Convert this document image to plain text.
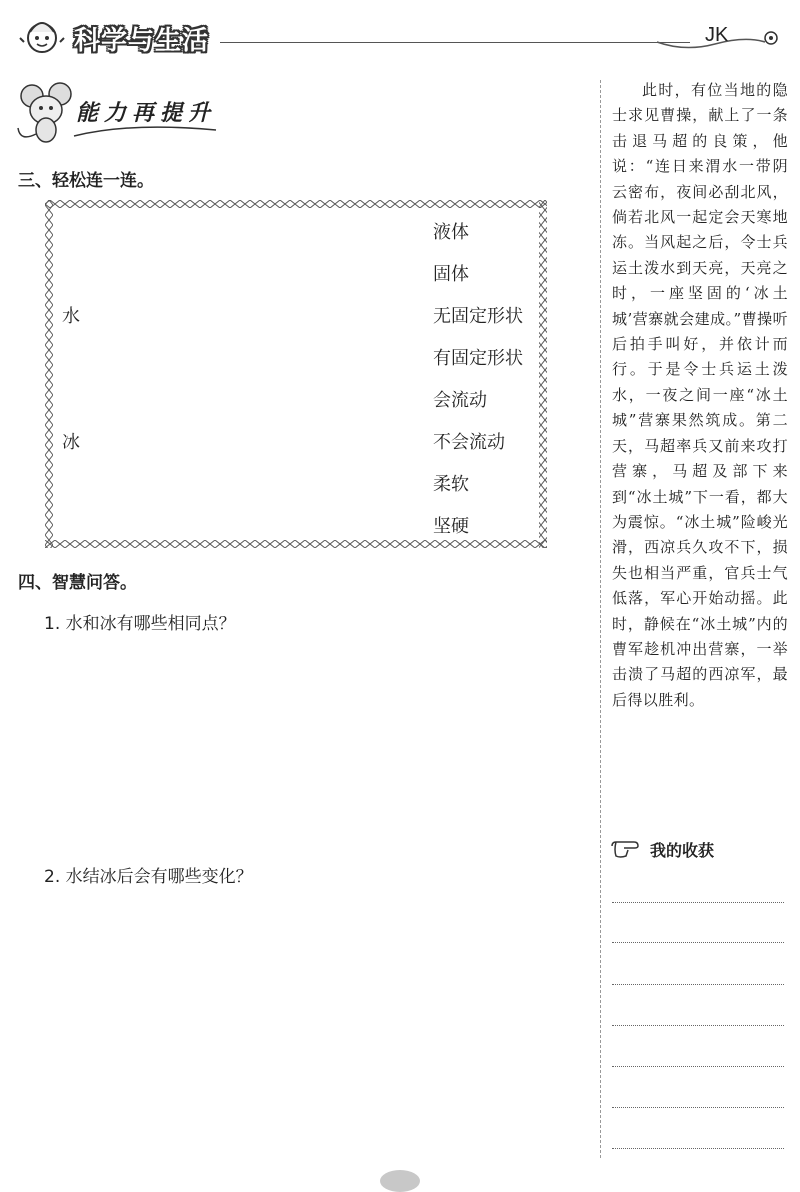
科学与生活	JK
能力再提升
三、轻松连一连。
水
冰
液体
固体
无固定形状
有固定形状
会流动
不会流动
柔软
坚硬
四、智慧问答。
1. 水和冰有哪些相同点？
2. 水结冰后会有哪些变化？

此时，有位当地的隐士求见曹操，献上了一条击退马超的良策，他说：“连日来渭水一带阴云密布，夜间必刮北风，倘若北风一起定会天寒地冻。当风起之后，令士兵运土泼水到天亮，天亮之时，一座坚固的‘冰土城’营寨就会建成。”曹操听后拍手叫好，并依计而行。于是令士兵运土泼水，一夜之间一座“冰土城”营寨果然筑成。第二天，马超率兵又前来攻打营寨，马超及部下来到“冰土城”下一看，都大为震惊。“冰土城”险峻光滑，西凉兵久攻不下，损失也相当严重，官兵士气低落，军心开始动摇。此时，静候在“冰土城”内的曹军趁机冲出营寨，一举击溃了马超的西凉军，最后得以胜利。

我的收获
